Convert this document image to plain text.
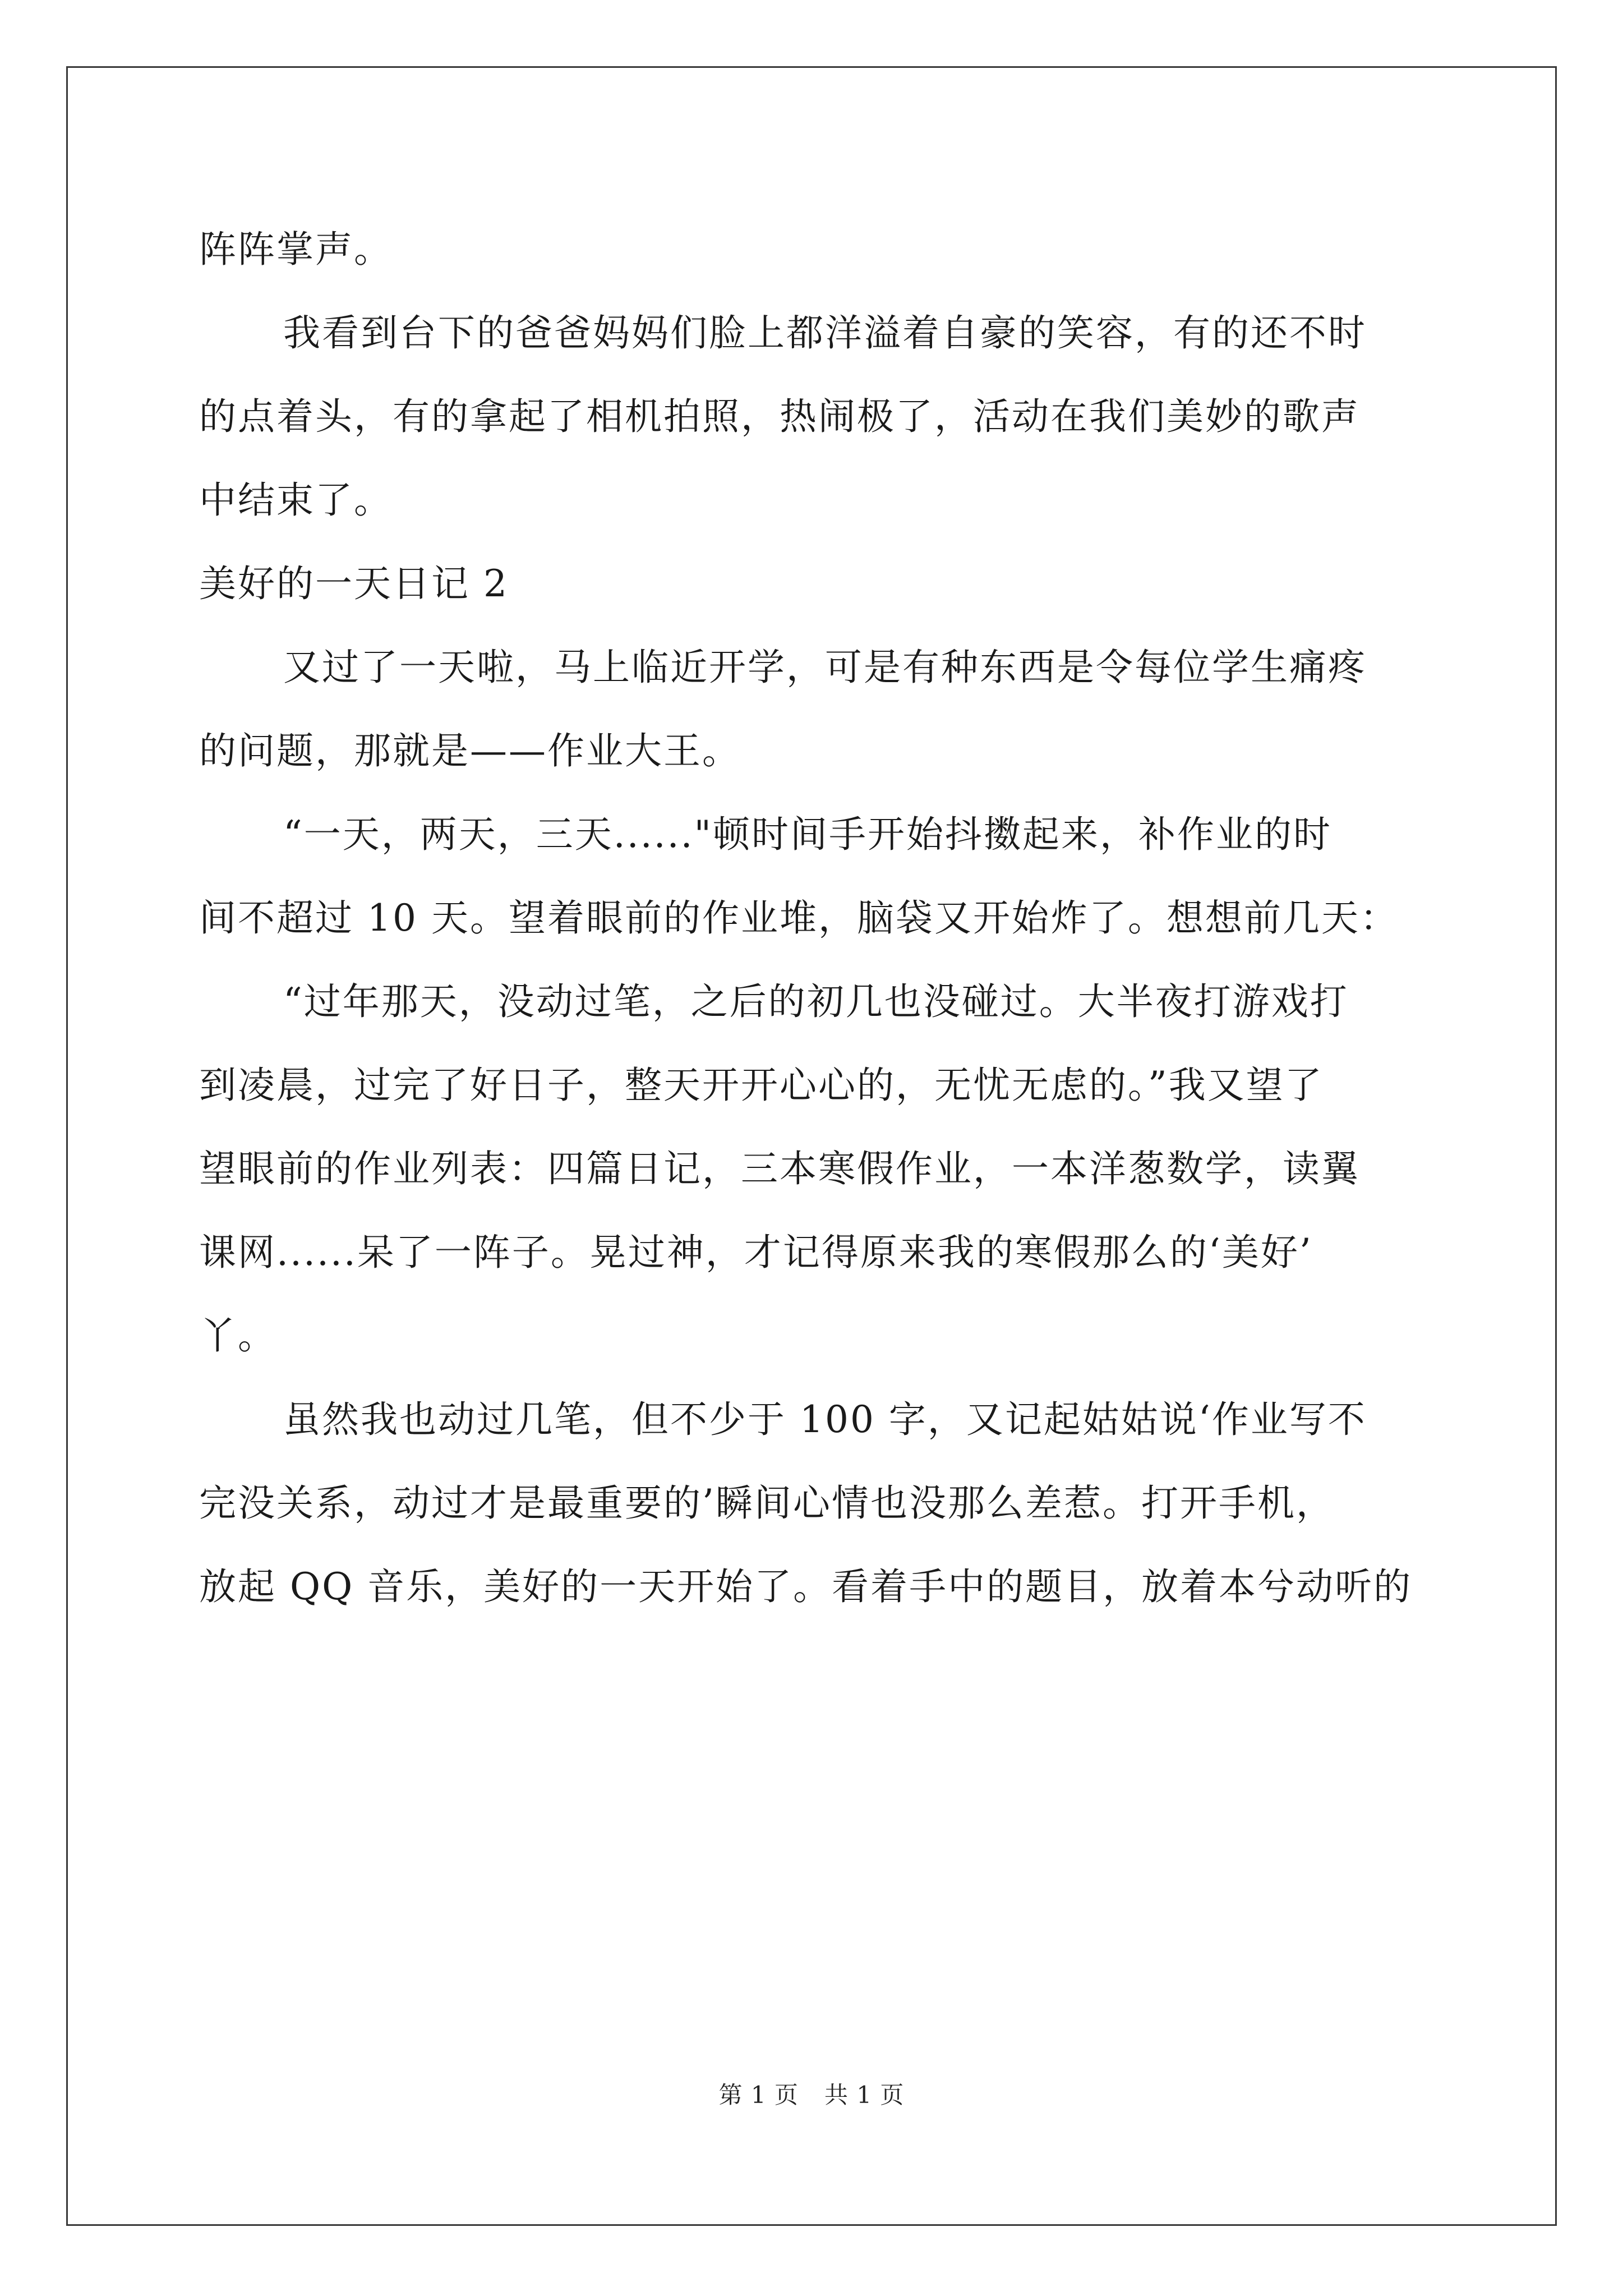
阵阵掌声。
我看到台下的爸爸妈妈们脸上都洋溢着自豪的笑容，有的还不时
的点着头，有的拿起了相机拍照，热闹极了，活动在我们美妙的歌声
中结束了。
美好的一天日记 2
又过了一天啦，马上临近开学，可是有种东西是令每位学生痛疼
的问题，那就是——作业大王。
“一天，两天，三天......"顿时间手开始抖擞起来，补作业的时
间不超过 10 天。望着眼前的作业堆，脑袋又开始炸了。想想前几天：
“过年那天，没动过笔，之后的初几也没碰过。大半夜打游戏打
到凌晨，过完了好日子，整天开开心心的，无忧无虑的。”我又望了
望眼前的作业列表：四篇日记，三本寒假作业，一本洋葱数学，读翼
课网......呆了一阵子。晃过神，才记得原来我的寒假那么的‘美好’
丫。
虽然我也动过几笔，但不少于 100 字，又记起姑姑说‘作业写不
完没关系，动过才是最重要的’瞬间心情也没那么差惹。打开手机，
放起 QQ 音乐，美好的一天开始了。看着手中的题目，放着本兮动听的
第 1 页 共 1 页
